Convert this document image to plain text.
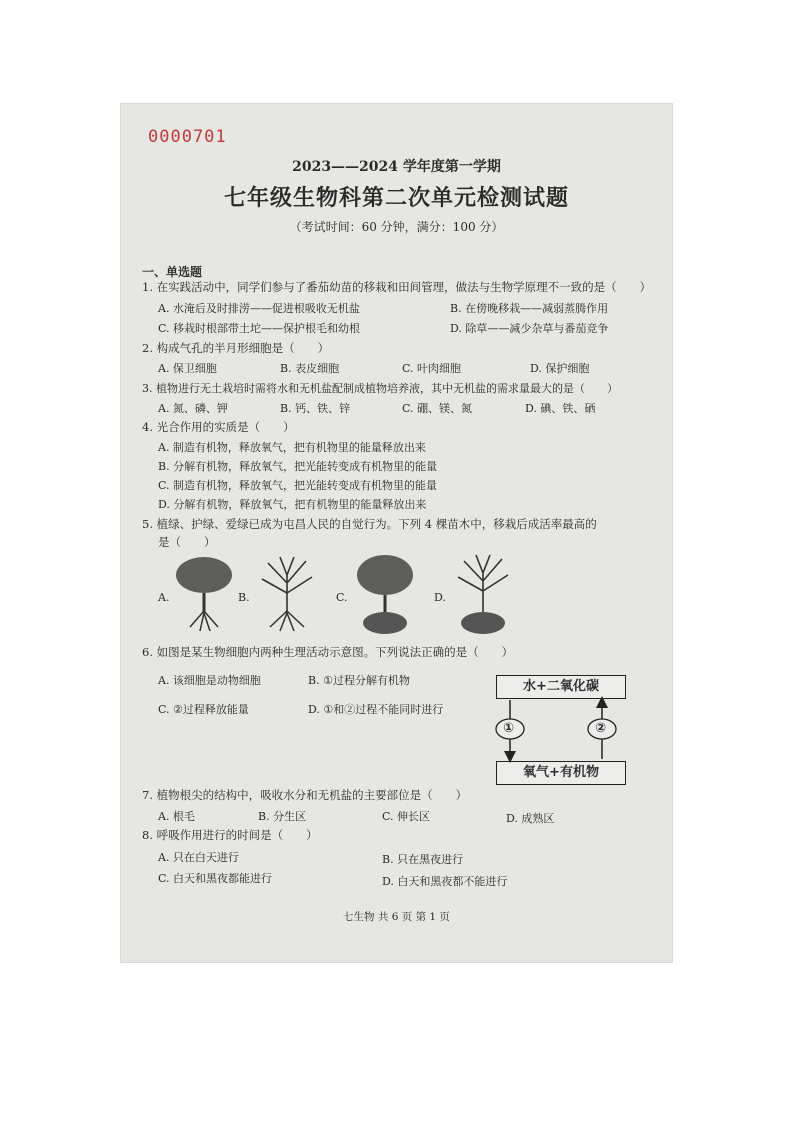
0000701
2023——2024 学年度第一学期
七年级生物科第二次单元检测试题
（考试时间：60 分钟，满分：100 分）
一、单选题
1. 在实践活动中，同学们参与了番茄幼苗的移栽和田间管理，做法与生物学原理不一致的是（　　）
A. 水淹后及时排涝——促进根吸收无机盐	B. 在傍晚移栽——减弱蒸腾作用
C. 移栽时根部带土坨——保护根毛和幼根	D. 除草——减少杂草与番茄竞争
2. 构成气孔的半月形细胞是（　　）
A. 保卫细胞	B. 表皮细胞	C. 叶肉细胞	D. 保护细胞
3. 植物进行无土栽培时需将水和无机盐配制成植物培养液，其中无机盐的需求量最大的是（　　）
A. 氮、磷、钾	B. 钙、铁、锌	C. 硼、镁、氮	D. 碘、铁、硒
4. 光合作用的实质是（　　）
A. 制造有机物，释放氧气，把有机物里的能量释放出来
B. 分解有机物，释放氧气，把光能转变成有机物里的能量
C. 制造有机物，释放氧气，把光能转变成有机物里的能量
D. 分解有机物，释放氧气，把有机物里的能量释放出来
5. 植绿、护绿、爱绿已成为屯昌人民的自觉行为。下列 4 棵苗木中，移栽后成活率最高的
是（　　）
A.	B.	C.	D.
6. 如图是某生物细胞内两种生理活动示意图。下列说法正确的是（　　）
A. 该细胞是动物细胞	B. ①过程分解有机物
C. ②过程释放能量	D. ①和②过程不能同时进行
水+二氧化碳
氧气+有机物
①	②
7. 植物根尖的结构中，吸收水分和无机盐的主要部位是（　　）
A. 根毛	B. 分生区	C. 伸长区	D. 成熟区
8. 呼吸作用进行的时间是（　　）
A. 只在白天进行	B. 只在黑夜进行
C. 白天和黑夜都能进行	D. 白天和黑夜都不能进行
七生物 共 6 页 第 1 页
